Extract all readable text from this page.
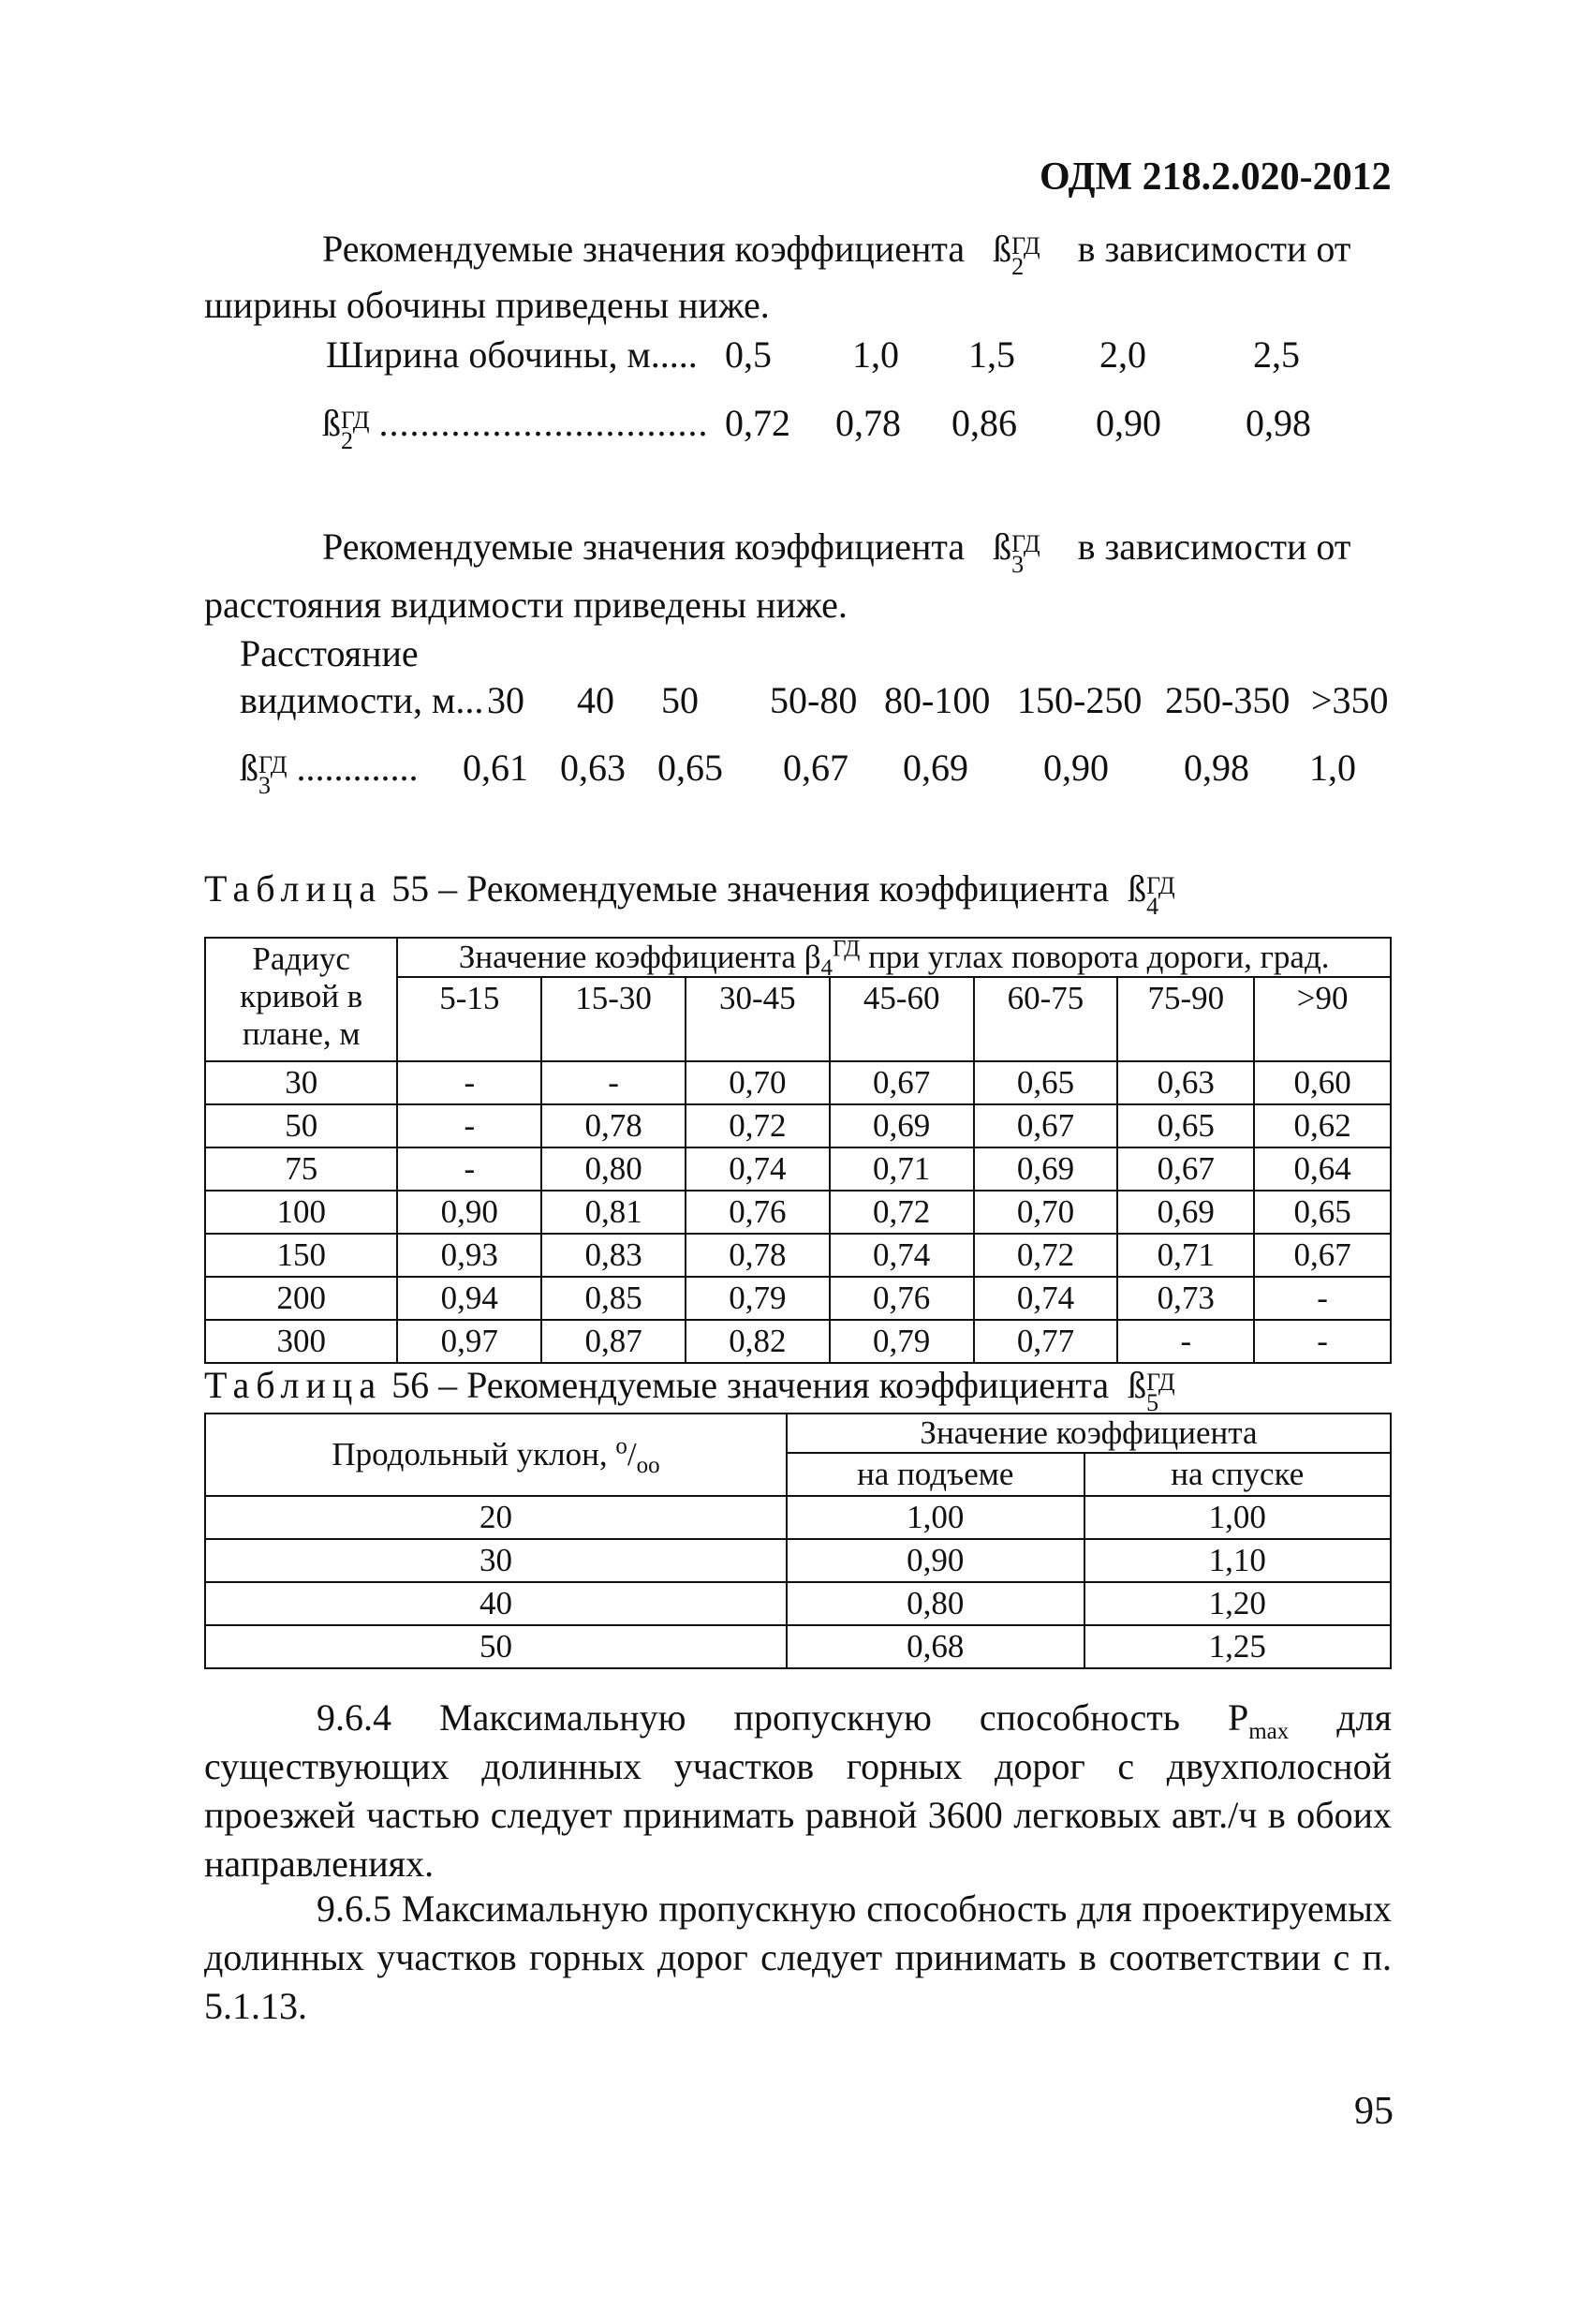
ОДМ 218.2.020-2012
Рекомендуемые значения коэффициента $ß^{ГД}$
2 в зависимости от
ширины обочины приведены ниже.
Ширина обочины, м..... 0,5 1,0 1,5 2,0	2,5
$ß^{ГД}$
2 ................................ 0,72 0,78 0,86 0,90 0,98
Рекомендуемые значения коэффициента $ß^{ГД}$
3 в зависимости от
расстояния видимости приведены ниже.
Расстояние
видимости, м... 30 40 50 50-80 80-100 150-250 250-350 >350
$ß^{ГД}$
3 ............. 0,61 0,63 0,65 0,67 0,69 0,90 0,98 1,0
Таблица 55 – Рекомендуемые значения коэффициента $ß^{ГД}$
4
Радиус кривой в плане, м	Значение коэффициента $\beta_4^{ГД}$ при углах поворота дороги, град.						
	5-15	15-30	30-45	45-60	60-75	75-90	>90
30	-	-	0,70	0,67	0,65	0,63	0,60
50	-	0,78	0,72	0,69	0,67	0,65	0,62
75	-	0,80	0,74	0,71	0,69	0,67	0,64
100	0,90	0,81	0,76	0,72	0,70	0,69	0,65
150	0,93	0,83	0,78	0,74	0,72	0,71	0,67
200	0,94	0,85	0,79	0,76	0,74	0,73	-
300	0,97	0,87	0,82	0,79	0,77	-	-
Таблица 56 – Рекомендуемые значения коэффициента $ß^{ГД}$
5
Продольный уклон, $^o/_{oo}$	Значение коэффициента	
	на подъеме	на спуске
20	1,00	1,00
30	0,90	1,10
40	0,80	1,20
50	0,68	1,25
9.6.4 Максимальную пропускную способность $P_{max}$ для существующих долинных участков горных дорог с двухполосной проезжей частью следует принимать равной 3600 легковых авт./ч в обоих направлениях.
9.6.5 Максимальную пропускную способность для проектируемых долинных участков горных дорог следует принимать в соответствии с п. 5.1.13.
95
